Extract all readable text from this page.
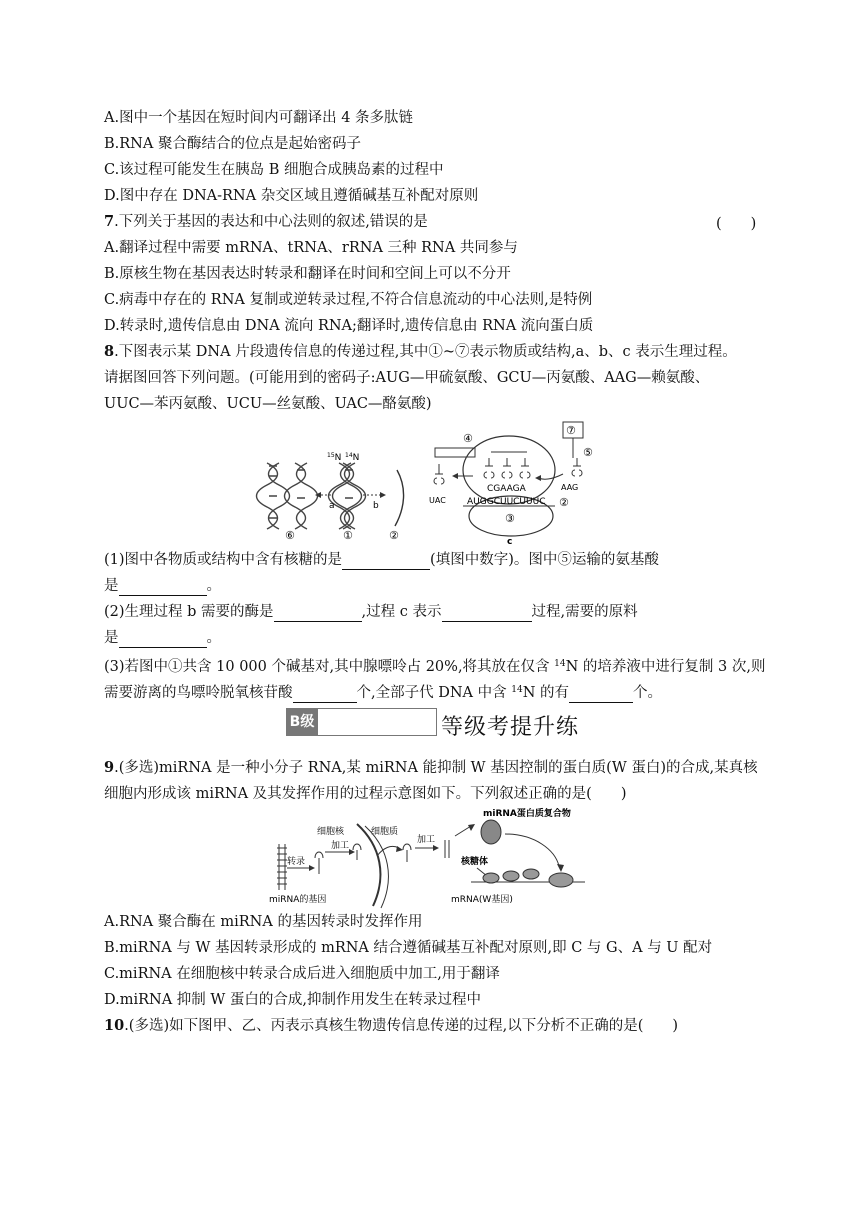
A.图中一个基因在短时间内可翻译出 4 条多肽链
B.RNA 聚合酶结合的位点是起始密码子
C.该过程可能发生在胰岛 B 细胞合成胰岛素的过程中
D.图中存在 DNA-RNA 杂交区域且遵循碱基互补配对原则
7.下列关于基因的表达和中心法则的叙述,错误的是	(　　)
A.翻译过程中需要 mRNA、tRNA、rRNA 三种 RNA 共同参与
B.原核生物在基因表达时转录和翻译在时间和空间上可以不分开
C.病毒中存在的 RNA 复制或逆转录过程,不符合信息流动的中心法则,是特例
D.转录时,遗传信息由 DNA 流向 RNA;翻译时,遗传信息由 RNA 流向蛋白质
8.下图表示某 DNA 片段遗传信息的传递过程,其中①~⑦表示物质或结构,a、b、c 表示生理过程。
请据图回答下列问题。(可能用到的密码子:AUG—甲硫氨酸、GCU—丙氨酸、AAG—赖氨酸、
UUC—苯丙氨酸、UCU—丝氨酸、UAC—酪氨酸)
$^{15}$N $^{14}$N
a	b
⑥	①	②
④
UAC
⑦
⑤
AAG
CGAAGA
AUGGCUUCUUUC ②
③
c
(1)图中各物质或结构中含有核糖的是	(填图中数字)。图中⑤运输的氨基酸
是	。
(2)生理过程 b 需要的酶是	,过程 c 表示	过程,需要的原料
是	。
(3)若图中①共含 10 000 个碱基对,其中腺嘌呤占 20%,将其放在仅含 $^{14}$N 的培养液中进行复制 3 次,则
需要游离的鸟嘌呤脱氧核苷酸	个,全部子代 DNA 中含 $^{14}$N 的有	个。
B级	等级考提升练
9.(多选)miRNA 是一种小分子 RNA,某 miRNA 能抑制 W 基因控制的蛋白质(W 蛋白)的合成,某真核
细胞内形成该 miRNA 及其发挥作用的过程示意图如下。下列叙述正确的是(　　)
miRNA的基因
转录
加工
细胞核	细胞质
加工
miRNA蛋白质复合物
核糖体
mRNA(W基因)
A.RNA 聚合酶在 miRNA 的基因转录时发挥作用
B.miRNA 与 W 基因转录形成的 mRNA 结合遵循碱基互补配对原则,即 C 与 G、A 与 U 配对
C.miRNA 在细胞核中转录合成后进入细胞质中加工,用于翻译
D.miRNA 抑制 W 蛋白的合成,抑制作用发生在转录过程中
10.(多选)如下图甲、乙、丙表示真核生物遗传信息传递的过程,以下分析不正确的是(　　)
